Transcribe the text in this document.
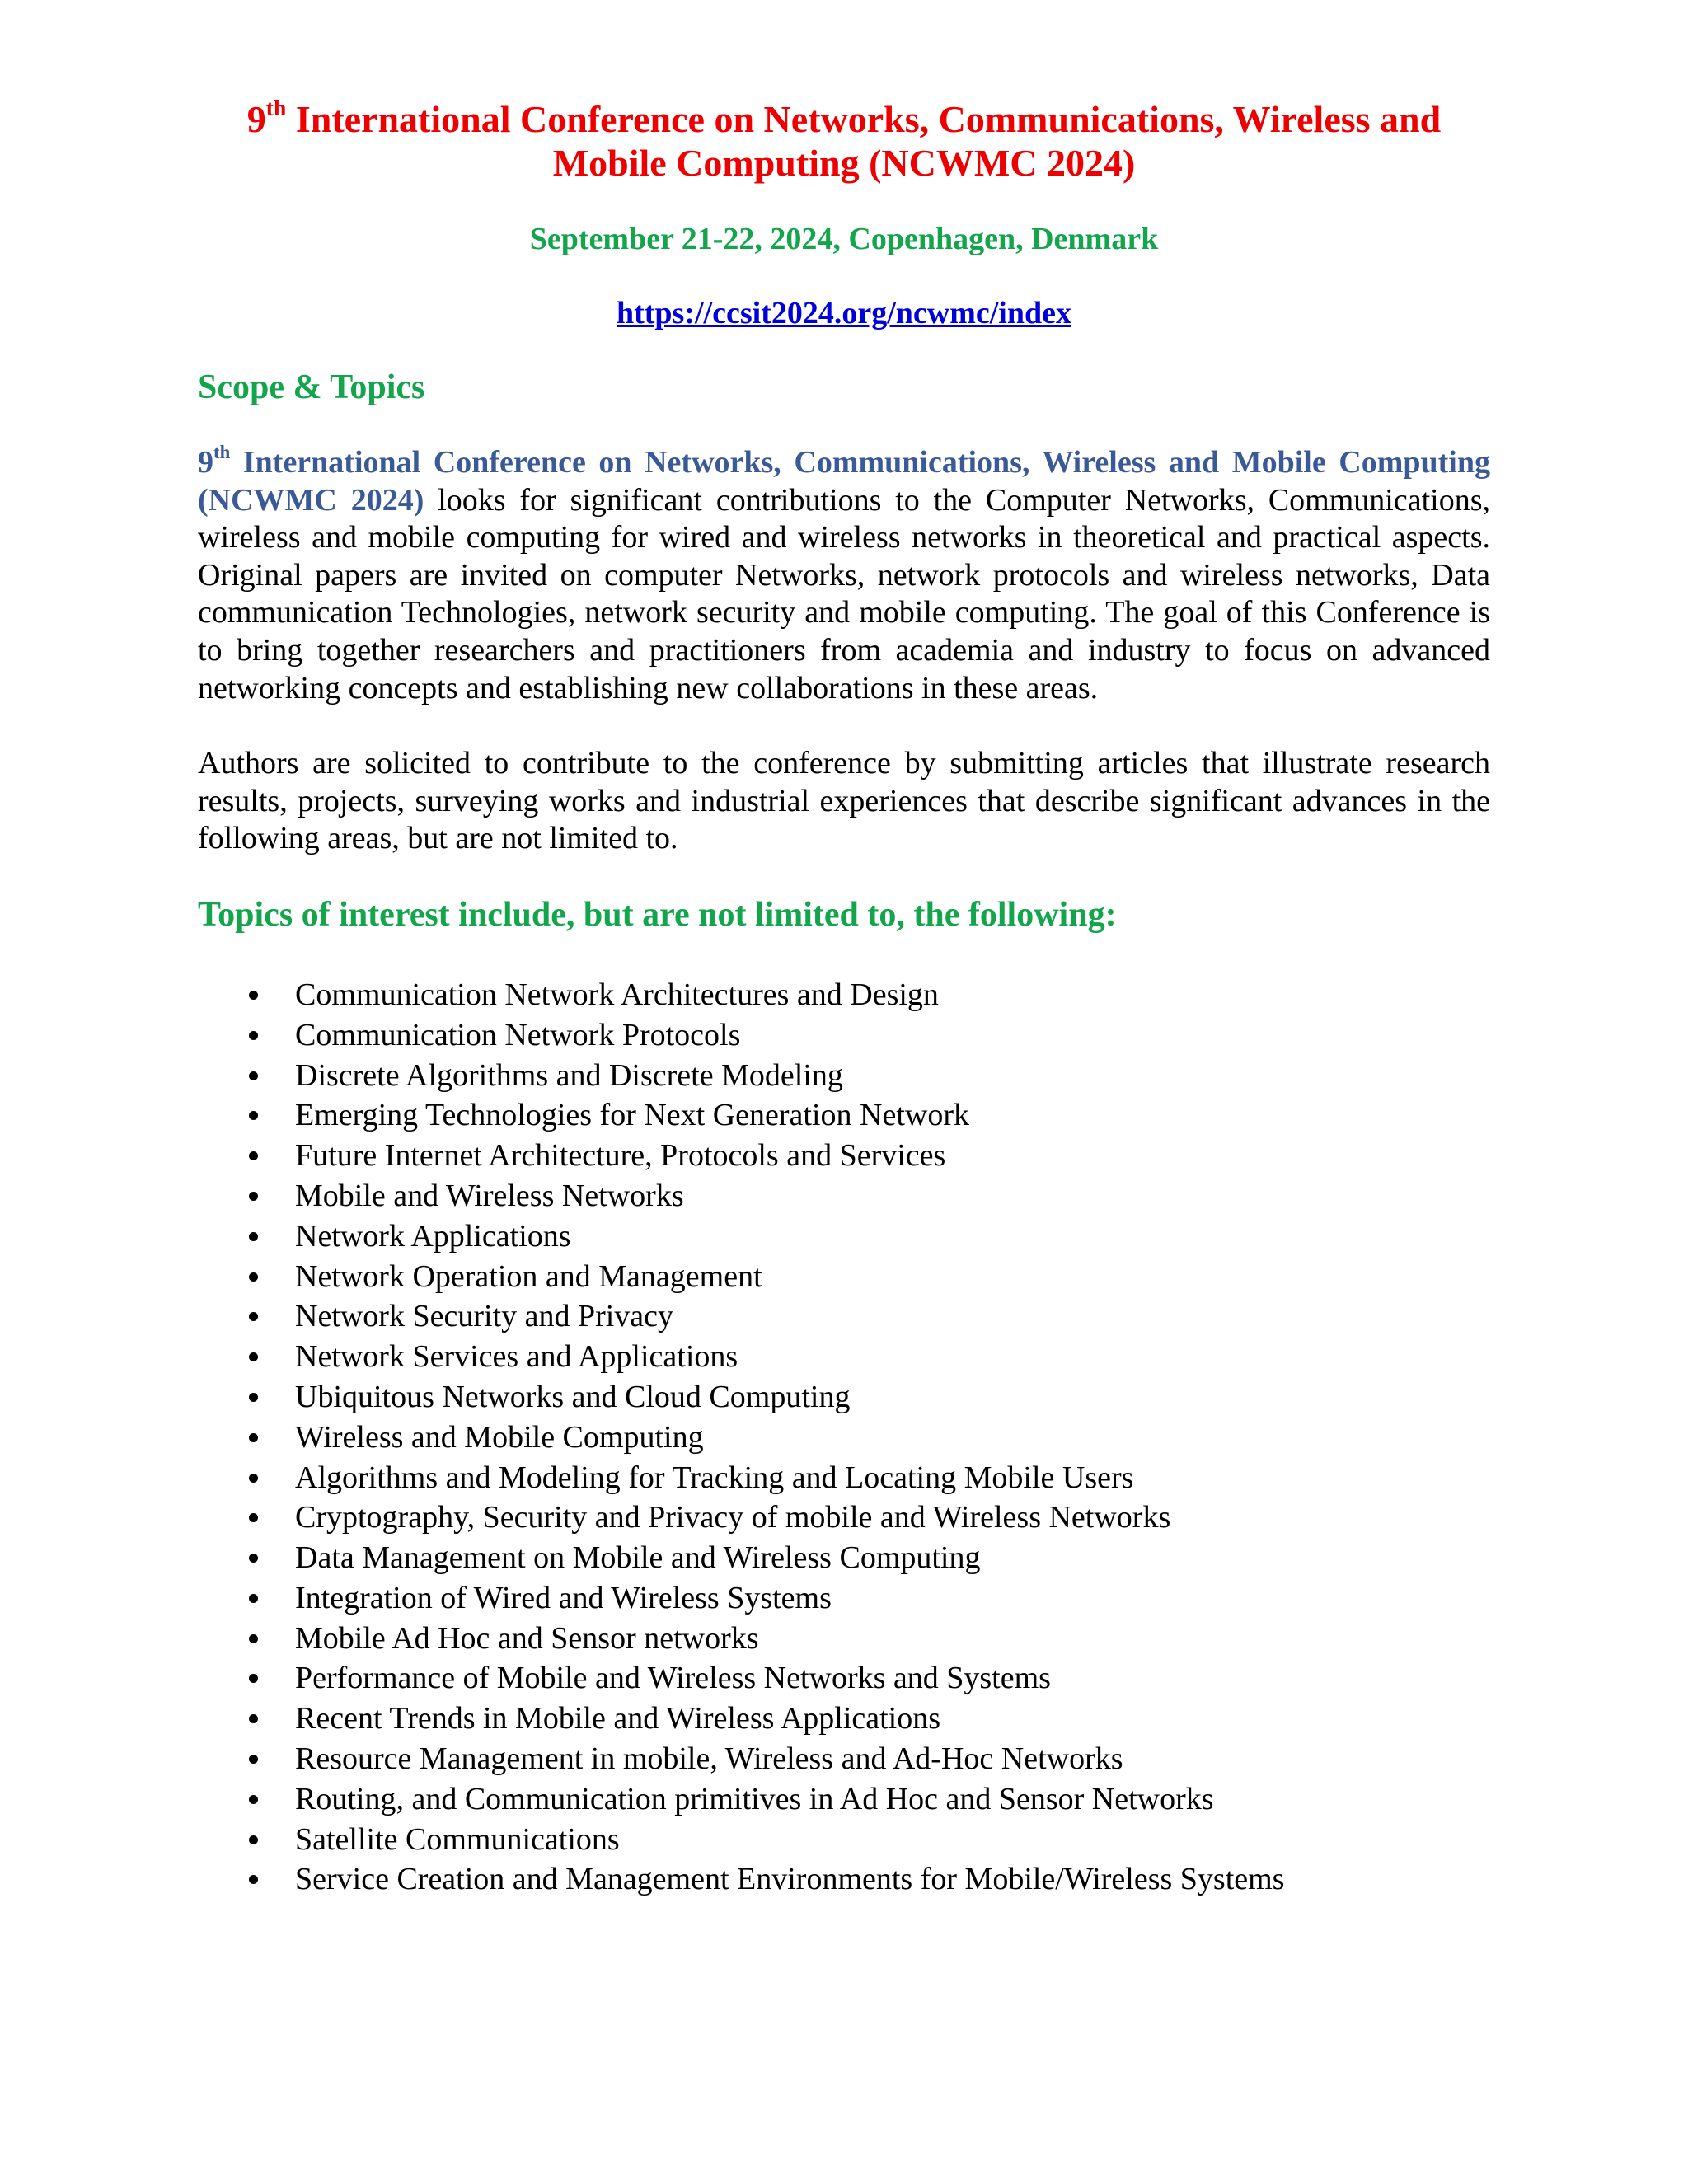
9th International Conference on Networks, Communications, Wireless and Mobile Computing (NCWMC 2024)

September 21-22, 2024, Copenhagen, Denmark

https://ccsit2024.org/ncwmc/index

Scope & Topics

9th International Conference on Networks, Communications, Wireless and Mobile Computing (NCWMC 2024) looks for significant contributions to the Computer Networks, Communications, wireless and mobile computing for wired and wireless networks in theoretical and practical aspects. Original papers are invited on computer Networks, network protocols and wireless networks, Data communication Technologies, network security and mobile computing. The goal of this Conference is to bring together researchers and practitioners from academia and industry to focus on advanced networking concepts and establishing new collaborations in these areas.

Authors are solicited to contribute to the conference by submitting articles that illustrate research results, projects, surveying works and industrial experiences that describe significant advances in the following areas, but are not limited to.

Topics of interest include, but are not limited to, the following:
Communication Network Architectures and Design
Communication Network Protocols
Discrete Algorithms and Discrete Modeling
Emerging Technologies for Next Generation Network
Future Internet Architecture, Protocols and Services
Mobile and Wireless Networks
Network Applications
Network Operation and Management
Network Security and Privacy
Network Services and Applications
Ubiquitous Networks and Cloud Computing
Wireless and Mobile Computing
Algorithms and Modeling for Tracking and Locating Mobile Users
Cryptography, Security and Privacy of mobile and Wireless Networks
Data Management on Mobile and Wireless Computing
Integration of Wired and Wireless Systems
Mobile Ad Hoc and Sensor networks
Performance of Mobile and Wireless Networks and Systems
Recent Trends in Mobile and Wireless Applications
Resource Management in mobile, Wireless and Ad-Hoc Networks
Routing, and Communication primitives in Ad Hoc and Sensor Networks
Satellite Communications
Service Creation and Management Environments for Mobile/Wireless Systems
